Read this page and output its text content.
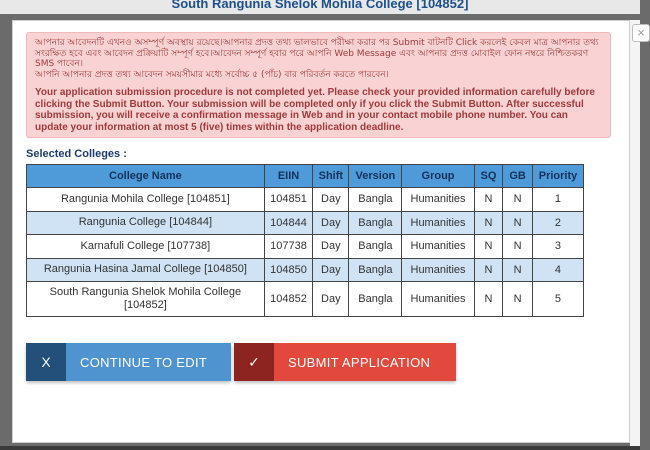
South Rangunia Shelok Mohila College [104852]
×
আপনার আবেদনটি এখনও অসম্পূর্ণ অবস্থায় রয়েছে।আপনার প্রদত্ত তথ্য ভালভাবে পরীক্ষা করার পর Submit বাটনটি Click করলেই কেবল মাত্র আপনার তথ্য সংরক্ষিত হবে এবং আবেদন প্রক্রিয়াটি সম্পূর্ণ হবে।আবেদন সম্পূর্ণ হবার পরে আপনি Web Message এবং আপনার প্রদত্ত মোবাইল ফোন নম্বরে নিশ্চিতকরণ SMS পাবেন।
আপনি আপনার প্রদত্ত তথ্য আবেদন সময়সীমার মধ্যে সর্বোচ্চ ৫ (পাঁচ) বার পরিবর্তন করতে পারবেন।
Your application submission procedure is not completed yet. Please check your provided information carefully before clicking the Submit Button. Your submission will be completed only if you click the Submit Button. After successful submission, you will receive a confirmation message in Web and in your contact mobile phone number. You can update your information at most 5 (five) times within the application deadline.
Selected Colleges :
College Name	EIIN	Shift	Version	Group	SQ	GB	Priority
Rangunia Mohila College [104851]	104851	Day	Bangla	Humanities	N	N	1
Rangunia College [104844]	104844	Day	Bangla	Humanities	N	N	2
Karnafuli College [107738]	107738	Day	Bangla	Humanities	N	N	3
Rangunia Hasina Jamal College [104850]	104850	Day	Bangla	Humanities	N	N	4
South Rangunia Shelok Mohila College [104852]	104852	Day	Bangla	Humanities	N	N	5
X	CONTINUE TO EDIT	✓	SUBMIT APPLICATION
